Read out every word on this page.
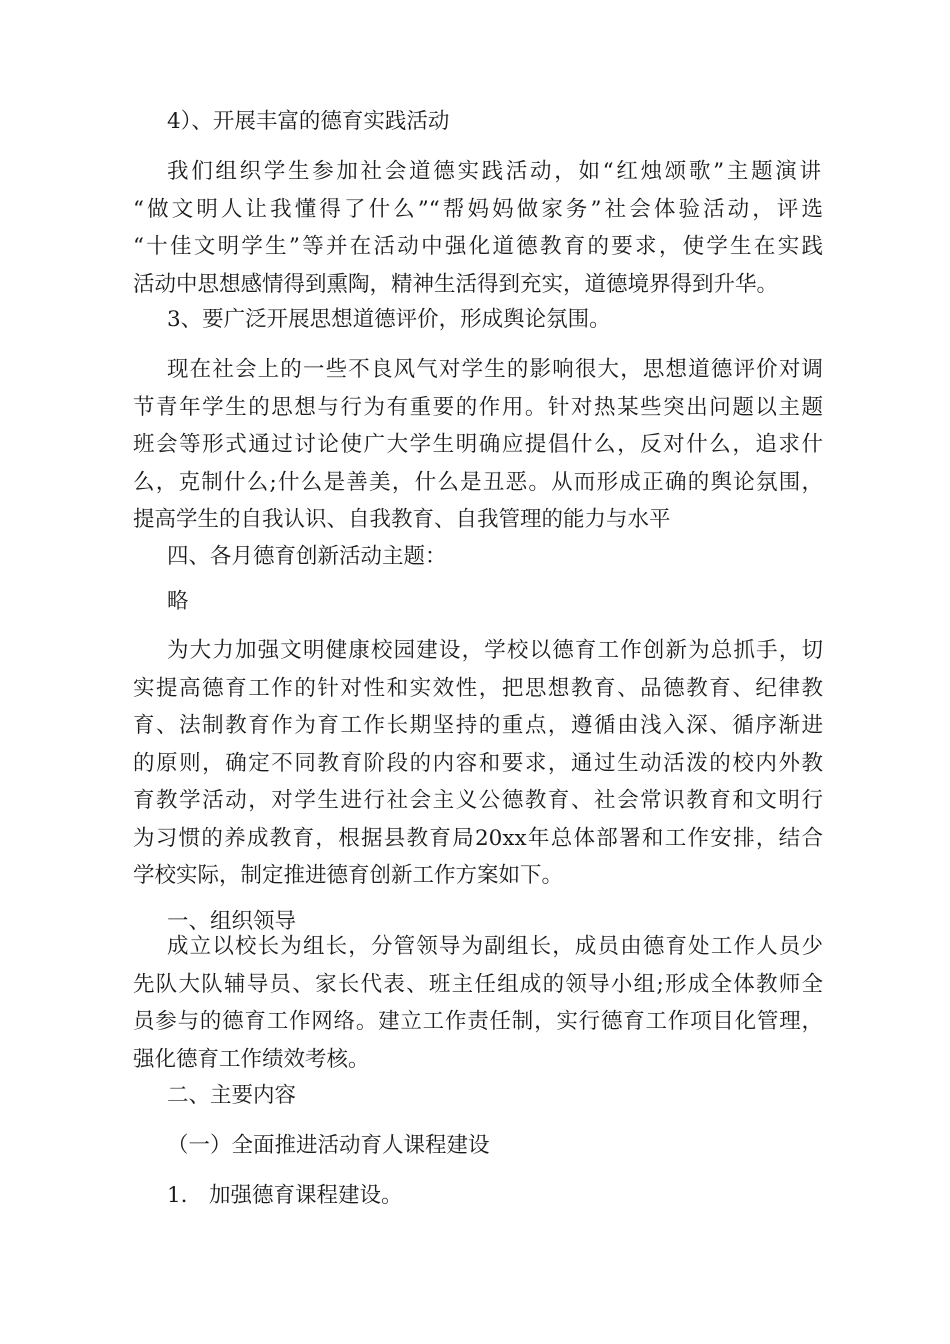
4）、开展丰富的德育实践活动

我们组织学生参加社会道德实践活动，如“红烛颂歌”主题演讲
“做文明人让我懂得了什么”“帮妈妈做家务”社会体验活动，评选
“十佳文明学生”等并在活动中强化道德教育的要求，使学生在实践
活动中思想感情得到熏陶，精神生活得到充实，道德境界得到升华。

3、要广泛开展思想道德评价，形成舆论氛围。

现在社会上的一些不良风气对学生的影响很大，思想道德评价对调
节青年学生的思想与行为有重要的作用。针对热某些突出问题以主题
班会等形式通过讨论使广大学生明确应提倡什么，反对什么，追求什
么，克制什么;什么是善美，什么是丑恶。从而形成正确的舆论氛围，
提高学生的自我认识、自我教育、自我管理的能力与水平

四、各月德育创新活动主题：

略

为大力加强文明健康校园建设，学校以德育工作创新为总抓手，切
实提高德育工作的针对性和实效性，把思想教育、品德教育、纪律教
育、法制教育作为育工作长期坚持的重点，遵循由浅入深、循序渐进
的原则，确定不同教育阶段的内容和要求，通过生动活泼的校内外教
育教学活动，对学生进行社会主义公德教育、社会常识教育和文明行
为习惯的养成教育，根据县教育局20xx年总体部署和工作安排，结合
学校实际，制定推进德育创新工作方案如下。

一、组织领导

成立以校长为组长，分管领导为副组长，成员由德育处工作人员少
先队大队辅导员、家长代表、班主任组成的领导小组;形成全体教师全
员参与的德育工作网络。建立工作责任制，实行德育工作项目化管理，
强化德育工作绩效考核。

二、主要内容

（一）全面推进活动育人课程建设

1.　加强德育课程建设。
